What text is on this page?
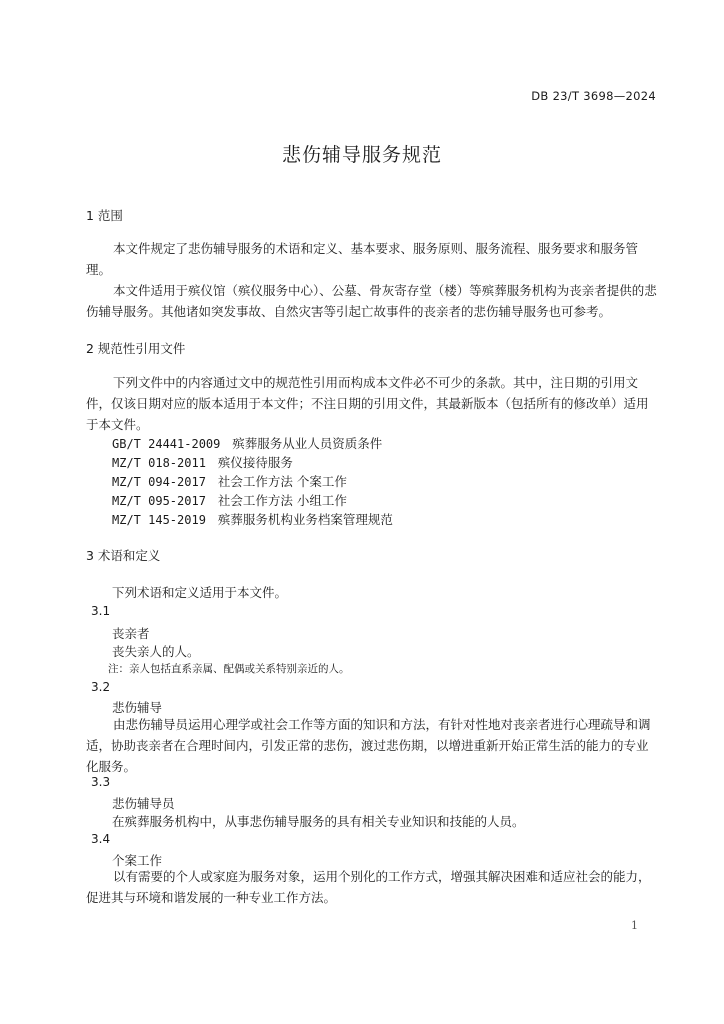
DB 23/T 3698—2024
悲伤辅导服务规范
1 范围
本文件规定了悲伤辅导服务的术语和定义、基本要求、服务原则、服务流程、服务要求和服务管理。
本文件适用于殡仪馆（殡仪服务中心）、公墓、骨灰寄存堂（楼）等殡葬服务机构为丧亲者提供的悲伤辅导服务。其他诸如突发事故、自然灾害等引起亡故事件的丧亲者的悲伤辅导服务也可参考。
2 规范性引用文件
下列文件中的内容通过文中的规范性引用而构成本文件必不可少的条款。其中，注日期的引用文件，仅该日期对应的版本适用于本文件；不注日期的引用文件，其最新版本（包括所有的修改单）适用于本文件。
GB/T 24441-2009 殡葬服务从业人员资质条件
MZ/T 018-2011 殡仪接待服务
MZ/T 094-2017 社会工作方法 个案工作
MZ/T 095-2017 社会工作方法 小组工作
MZ/T 145-2019 殡葬服务机构业务档案管理规范
3 术语和定义
下列术语和定义适用于本文件。
3.1
丧亲者
丧失亲人的人。
注：亲人包括直系亲属、配偶或关系特别亲近的人。
3.2
悲伤辅导
由悲伤辅导员运用心理学或社会工作等方面的知识和方法，有针对性地对丧亲者进行心理疏导和调适，协助丧亲者在合理时间内，引发正常的悲伤，渡过悲伤期，以增进重新开始正常生活的能力的专业化服务。
3.3
悲伤辅导员
在殡葬服务机构中，从事悲伤辅导服务的具有相关专业知识和技能的人员。
3.4
个案工作
以有需要的个人或家庭为服务对象，运用个别化的工作方式，增强其解决困难和适应社会的能力，促进其与环境和谐发展的一种专业工作方法。
1
